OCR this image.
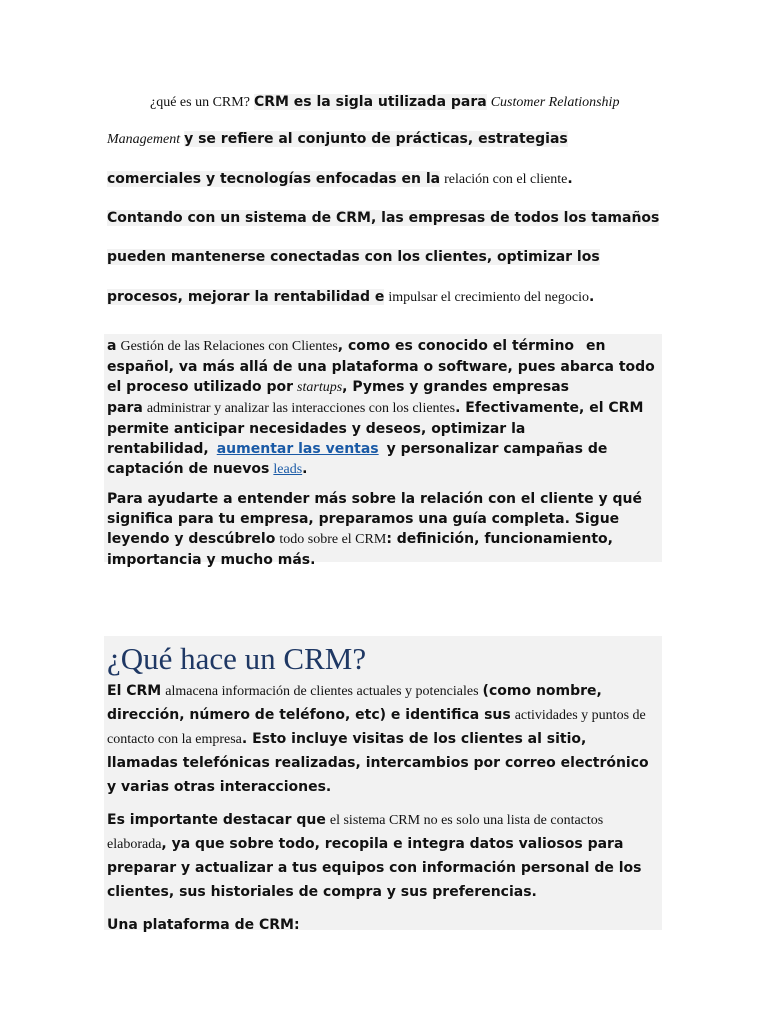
¿qué es un CRM? CRM es la sigla utilizada para Customer Relationship
Management y se refiere al conjunto de prácticas, estrategias
comerciales y tecnologías enfocadas en la relación con el cliente.
Contando con un sistema de CRM, las empresas de todos los tamaños
pueden mantenerse conectadas con los clientes, optimizar los
procesos, mejorar la rentabilidad e impulsar el crecimiento del negocio.

a Gestión de las Relaciones con Clientes, como es conocido el término en
español, va más allá de una plataforma o software, pues abarca todo
el proceso utilizado por startups, Pymes y grandes empresas
para administrar y analizar las interacciones con los clientes. Efectivamente, el CRM
permite anticipar necesidades y deseos, optimizar la
rentabilidad, aumentar las ventas y personalizar campañas de
captación de nuevos leads.

Para ayudarte a entender más sobre la relación con el cliente y qué
significa para tu empresa, preparamos una guía completa. Sigue
leyendo y descúbrelo todo sobre el CRM: definición, funcionamiento,
importancia y mucho más.

¿Qué hace un CRM?

El CRM almacena información de clientes actuales y potenciales (como nombre,
dirección, número de teléfono, etc) e identifica sus actividades y puntos de
contacto con la empresa. Esto incluye visitas de los clientes al sitio,
llamadas telefónicas realizadas, intercambios por correo electrónico
y varias otras interacciones.

Es importante destacar que el sistema CRM no es solo una lista de contactos
elaborada, ya que sobre todo, recopila e integra datos valiosos para
preparar y actualizar a tus equipos con información personal de los
clientes, sus historiales de compra y sus preferencias.

Una plataforma de CRM:
